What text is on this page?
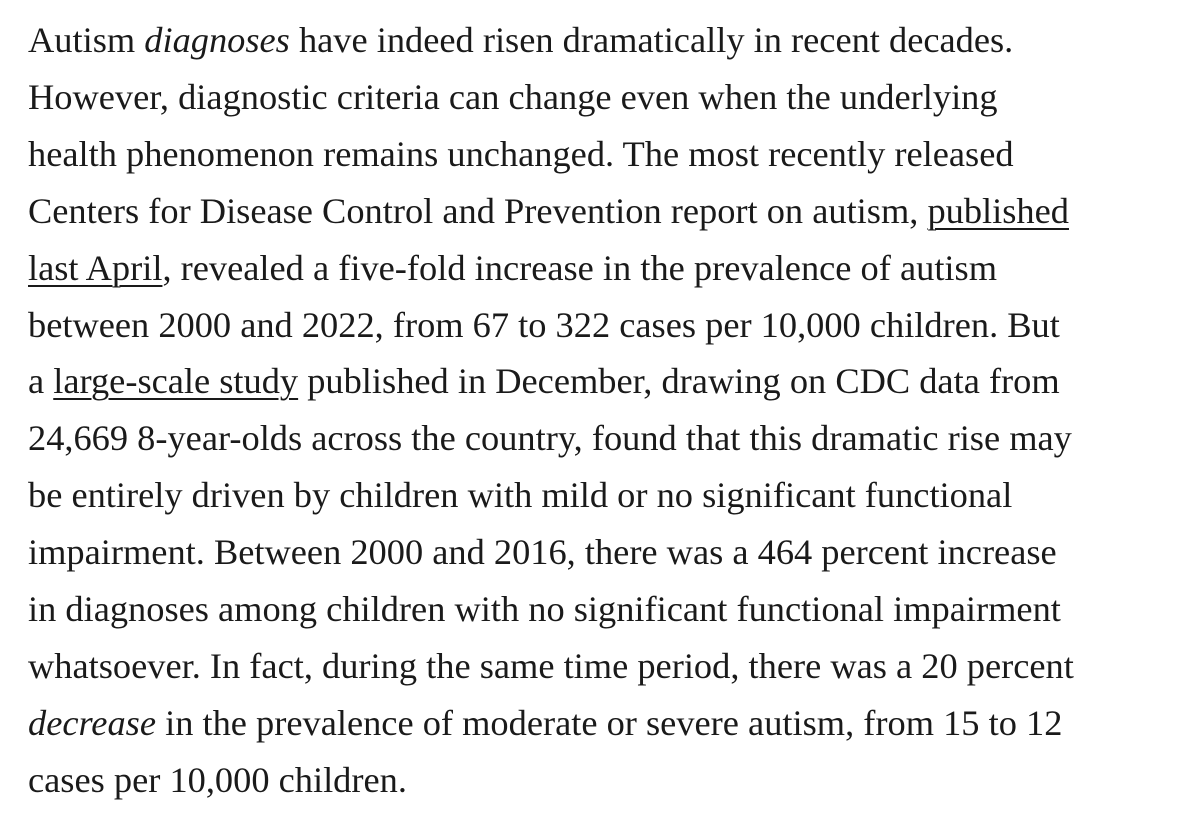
Autism diagnoses have indeed risen dramatically in recent decades.
However, diagnostic criteria can change even when the underlying
health phenomenon remains unchanged. The most recently released
Centers for Disease Control and Prevention report on autism, published
last April, revealed a five-fold increase in the prevalence of autism
between 2000 and 2022, from 67 to 322 cases per 10,000 children. But
a large-scale study published in December, drawing on CDC data from
24,669 8-year-olds across the country, found that this dramatic rise may
be entirely driven by children with mild or no significant functional
impairment. Between 2000 and 2016, there was a 464 percent increase
in diagnoses among children with no significant functional impairment
whatsoever. In fact, during the same time period, there was a 20 percent
decrease in the prevalence of moderate or severe autism, from 15 to 12
cases per 10,000 children.
